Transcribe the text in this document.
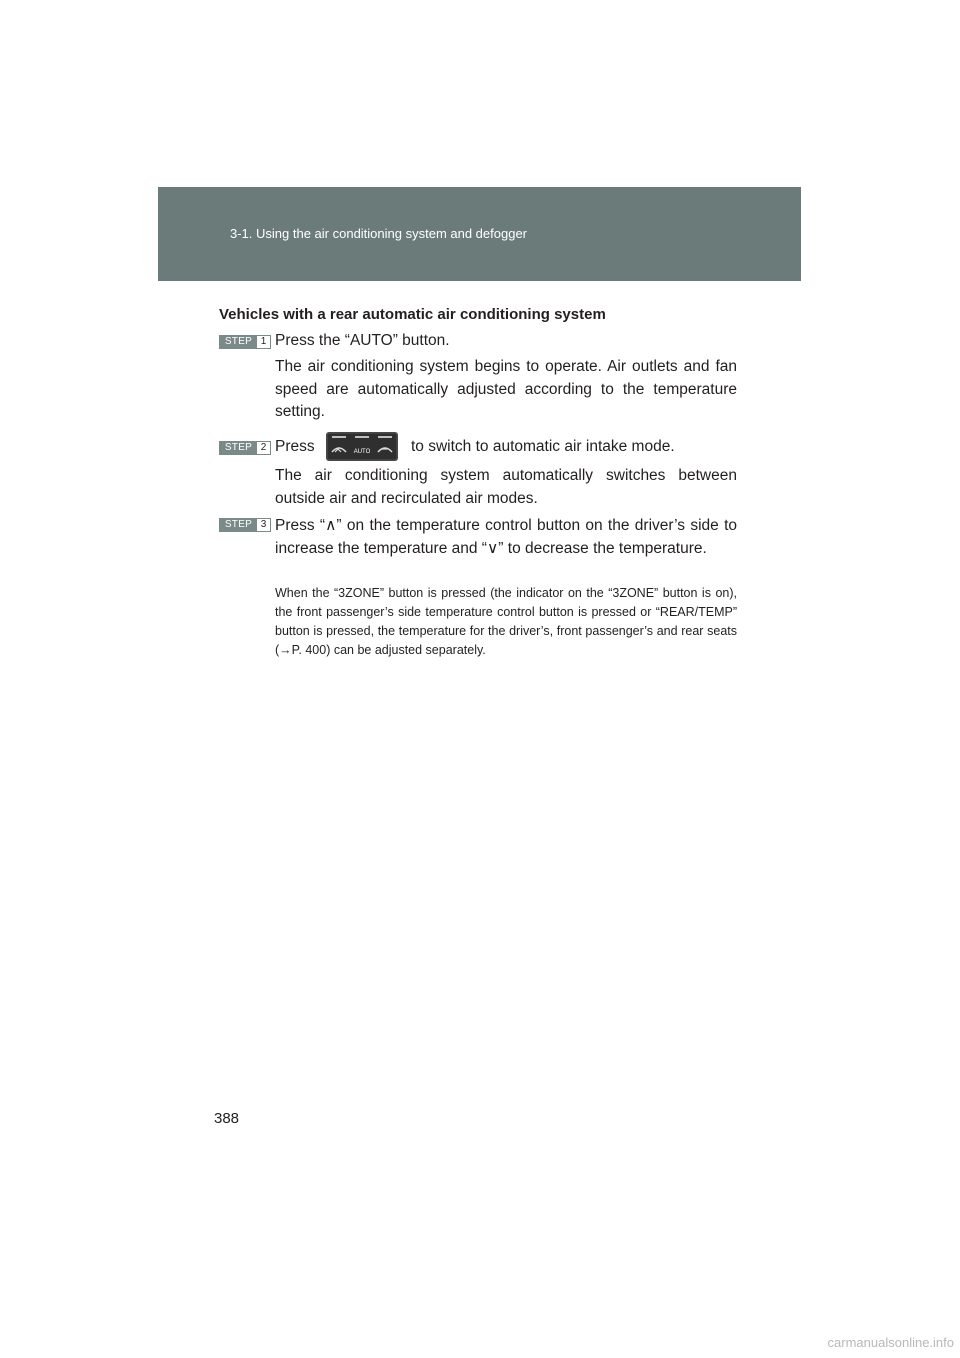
3-1. Using the air conditioning system and defogger
Vehicles with a rear automatic air conditioning system
STEP 1 Press the “AUTO” button.
The air conditioning system begins to operate. Air outlets and fan speed are automatically adjusted according to the temperature setting.
STEP 2 Press	AUTO	to switch to automatic air intake mode.
The air conditioning system automatically switches between outside air and recirculated air modes.
STEP 3 Press “∧” on the temperature control button on the driver’s side to increase the temperature and “∨” to decrease the temperature.
When the “3ZONE” button is pressed (the indicator on the “3ZONE” button is on), the front passenger’s side temperature control button is pressed or “REAR/TEMP” button is pressed, the temperature for the driver’s, front passenger’s and rear seats (→P. 400) can be adjusted separately.
388
carmanualsonline.info
